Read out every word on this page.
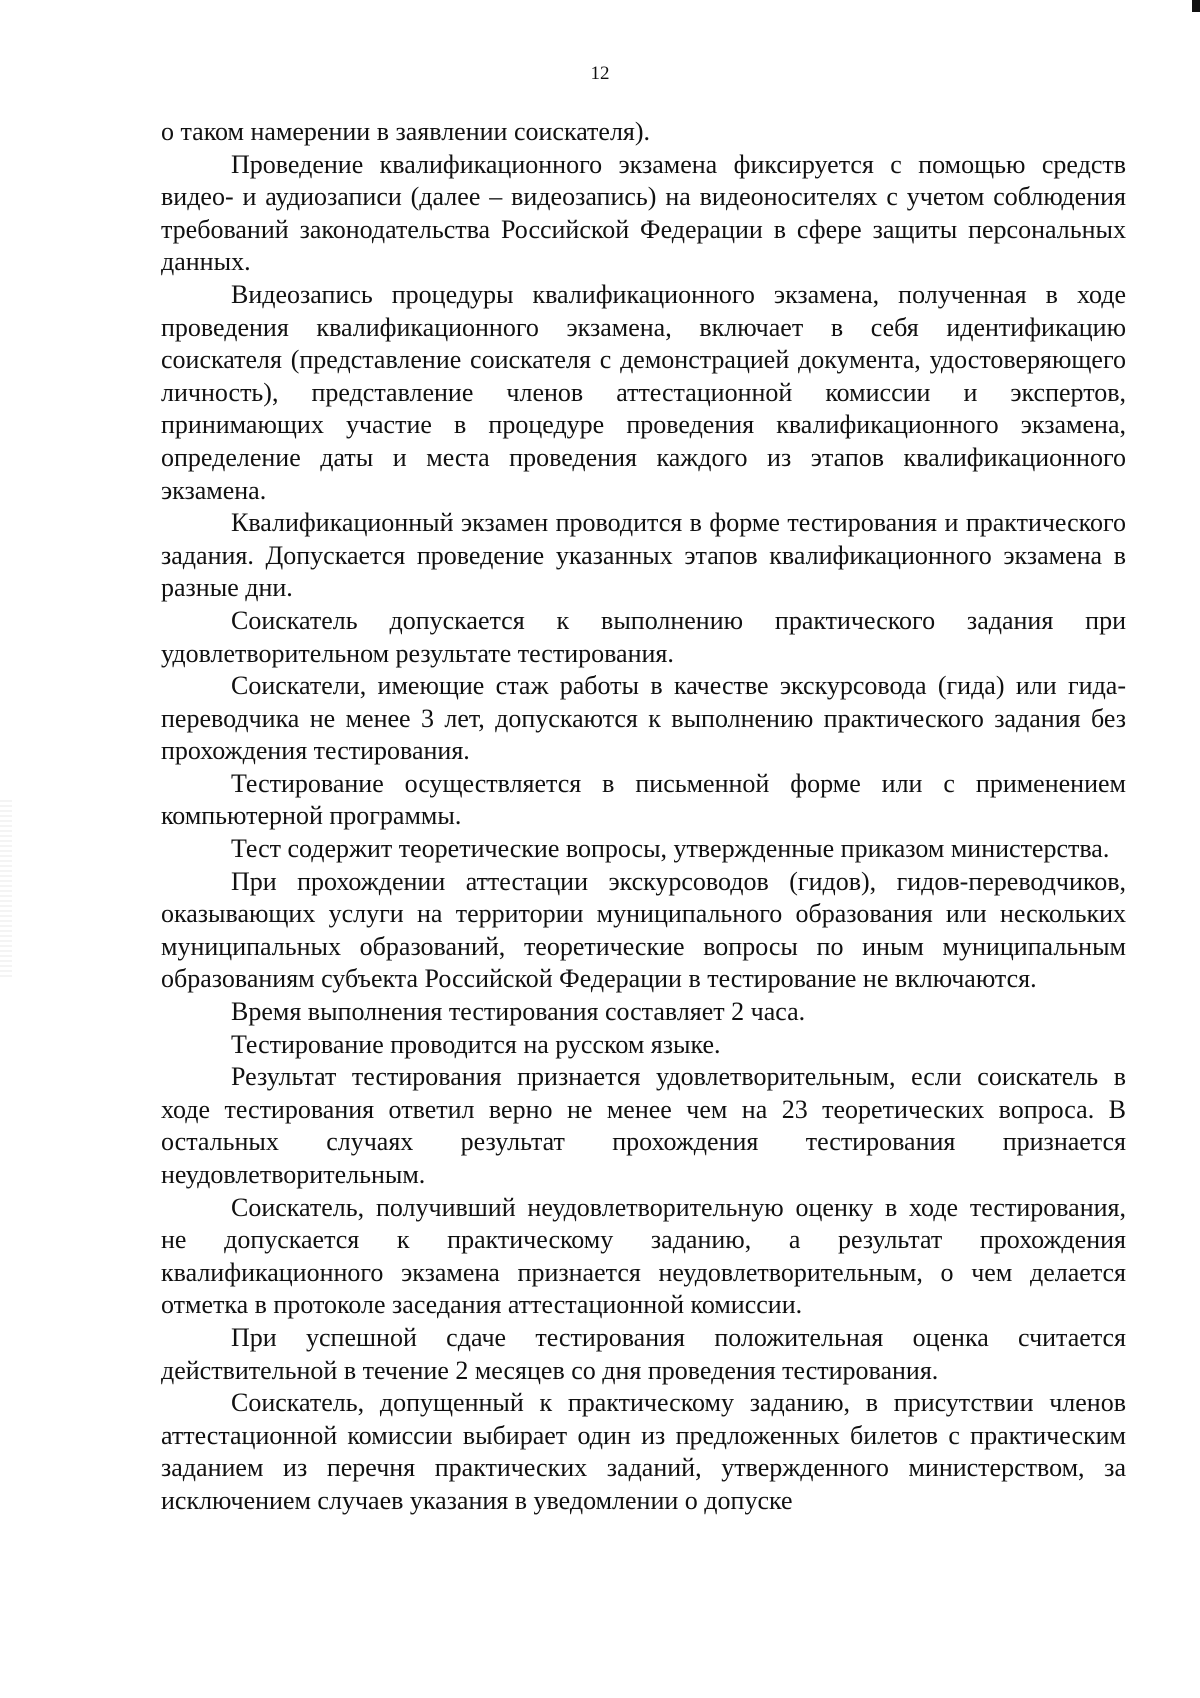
12

о таком намерении в заявлении соискателя).

Проведение квалификационного экзамена фиксируется с помощью средств видео- и аудиозаписи (далее – видеозапись) на видеоносителях с учетом соблюдения требований законодательства Российской Федерации в сфере защиты персональных данных.

Видеозапись процедуры квалификационного экзамена, полученная в ходе проведения квалификационного экзамена, включает в себя идентификацию соискателя (представление соискателя с демонстрацией документа, удостоверяющего личность), представление членов аттестационной комиссии и экспертов, принимающих участие в процедуре проведения квалификационного экзамена, определение даты и места проведения каждого из этапов квалификационного экзамена.

Квалификационный экзамен проводится в форме тестирования и практического задания. Допускается проведение указанных этапов квалификационного экзамена в разные дни.

Соискатель допускается к выполнению практического задания при удовлетворительном результате тестирования.

Соискатели, имеющие стаж работы в качестве экскурсовода (гида) или гида-переводчика не менее 3 лет, допускаются к выполнению практического задания без прохождения тестирования.

Тестирование осуществляется в письменной форме или с применением компьютерной программы.

Тест содержит теоретические вопросы, утвержденные приказом министерства.

При прохождении аттестации экскурсоводов (гидов), гидов-переводчиков, оказывающих услуги на территории муниципального образования или нескольких муниципальных образований, теоретические вопросы по иным муниципальным образованиям субъекта Российской Федерации в тестирование не включаются.

Время выполнения тестирования составляет 2 часа.

Тестирование проводится на русском языке.

Результат тестирования признается удовлетворительным, если соискатель в ходе тестирования ответил верно не менее чем на 23 теоретических вопроса. В остальных случаях результат прохождения тестирования признается неудовлетворительным.

Соискатель, получивший неудовлетворительную оценку в ходе тестирования, не допускается к практическому заданию, а результат прохождения квалификационного экзамена признается неудовлетворительным, о чем делается отметка в протоколе заседания аттестационной комиссии.

При успешной сдаче тестирования положительная оценка считается действительной в течение 2 месяцев со дня проведения тестирования.

Соискатель, допущенный к практическому заданию, в присутствии членов аттестационной комиссии выбирает один из предложенных билетов с практическим заданием из перечня практических заданий, утвержденного министерством, за исключением случаев указания в уведомлении о допуске
